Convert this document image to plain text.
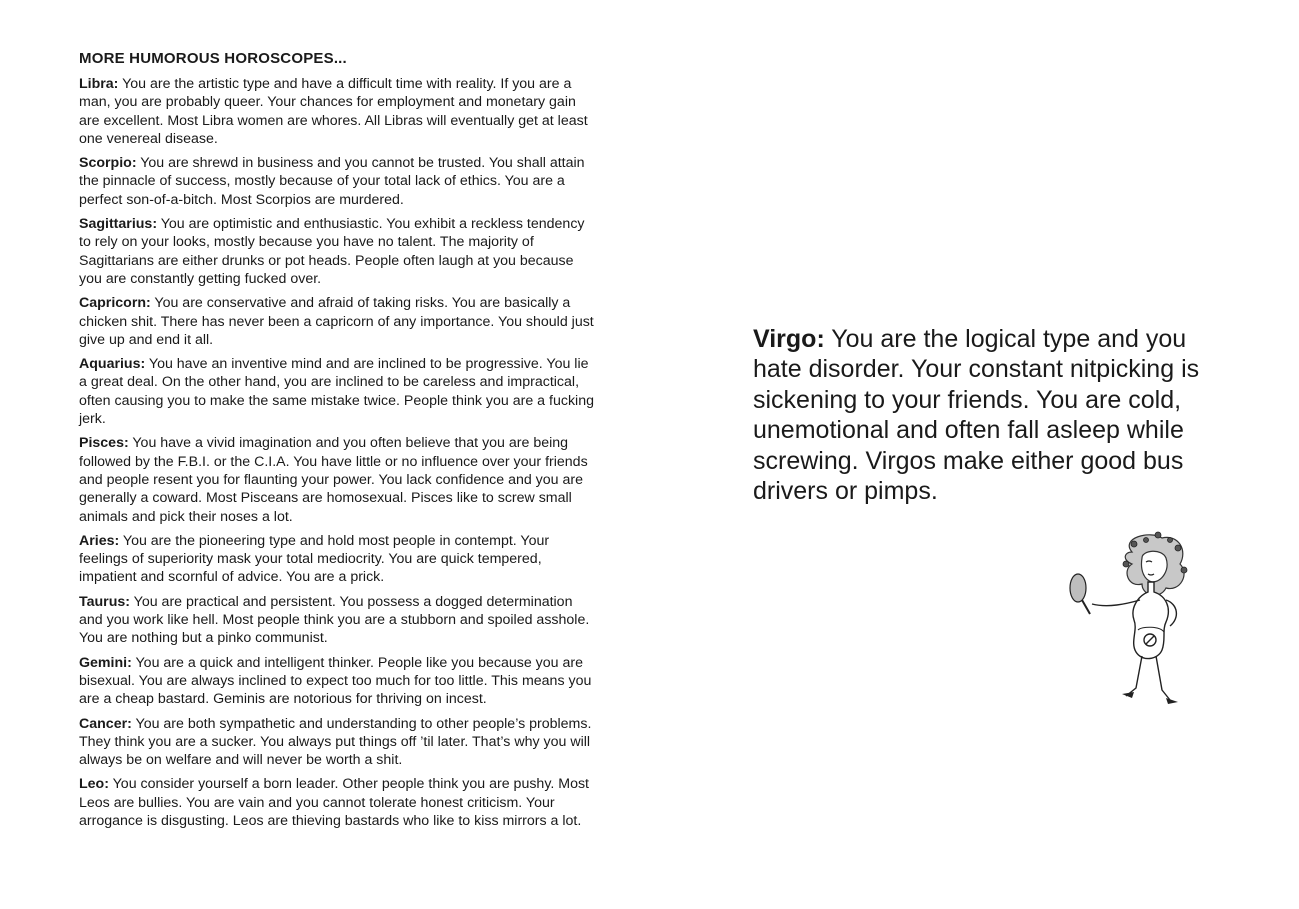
MORE HUMOROUS HOROSCOPES...

Libra: You are the artistic type and have a difficult time with reality. If you are a man, you are probably queer. Your chances for employment and monetary gain are excellent. Most Libra women are whores. All Libras will eventually get at least one venereal disease.

Scorpio: You are shrewd in business and you cannot be trusted. You shall attain the pinnacle of success, mostly because of your total lack of ethics. You are a perfect son-of-a-bitch. Most Scorpios are murdered.

Sagittarius: You are optimistic and enthusiastic. You exhibit a reckless tendency to rely on your looks, mostly because you have no talent. The majority of Sagittarians are either drunks or pot heads. People often laugh at you because you are constantly getting fucked over.

Capricorn: You are conservative and afraid of taking risks. You are basically a chicken shit. There has never been a capricorn of any importance. You should just give up and end it all.

Aquarius: You have an inventive mind and are inclined to be progressive. You lie a great deal. On the other hand, you are inclined to be careless and impractical, often causing you to make the same mistake twice. People think you are a fucking jerk.

Pisces: You have a vivid imagination and you often believe that you are being followed by the F.B.I. or the C.I.A. You have little or no influence over your friends and people resent you for flaunting your power. You lack confidence and you are generally a coward. Most Pisceans are homosexual. Pisces like to screw small animals and pick their noses a lot.

Aries: You are the pioneering type and hold most people in contempt. Your feelings of superiority mask your total mediocrity. You are quick tempered, impatient and scornful of advice. You are a prick.

Taurus: You are practical and persistent. You possess a dogged determination and you work like hell. Most people think you are a stubborn and spoiled asshole. You are nothing but a pinko communist.

Gemini: You are a quick and intelligent thinker. People like you because you are bisexual. You are always inclined to expect too much for too little. This means you are a cheap bastard. Geminis are notorious for thriving on incest.

Cancer: You are both sympathetic and understanding to other people’s problems. They think you are a sucker. You always put things off ’til later. That’s why you will always be on welfare and will never be worth a shit.

Leo: You consider yourself a born leader. Other people think you are pushy. Most Leos are bullies. You are vain and you cannot tolerate honest criticism. Your arrogance is disgusting. Leos are thieving bastards who like to kiss mirrors a lot.

Virgo: You are the logical type and you hate disorder. Your constant nitpicking is sickening to your friends. You are cold, unemotional and often fall asleep while screwing. Virgos make either good bus drivers or pimps.
